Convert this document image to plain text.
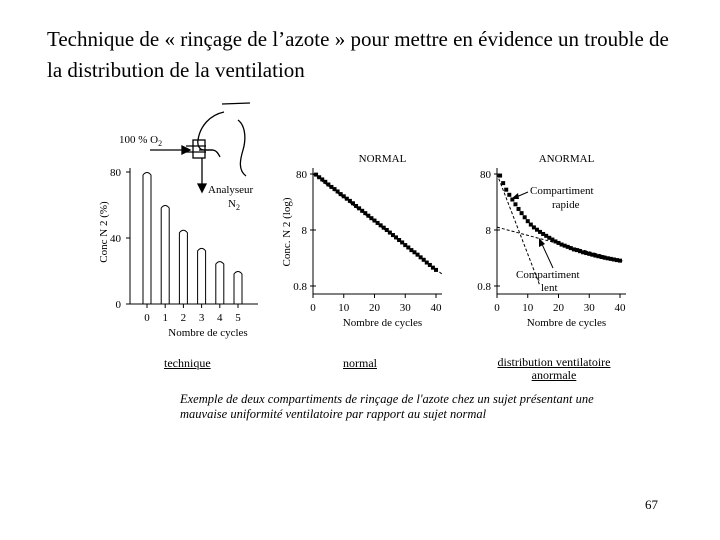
Technique de « rinçage de l’azote » pour mettre en évidence un trouble de la distribution de la ventilation
100 % $O_2$
Analyseur
$N_2$
0
40
80
0 1 2 3 4 5
Nombre de cycles
Conc N 2 (%)
NORMAL
80
8
0.8
0 10 20 30 40
Nombre de cycles
Conc. N 2 (log)
ANORMAL
80
8
0.8
0 10 20 30 40
Nombre de cycles
Compartiment rapide
Compartiment lent
technique	normal	distribution ventilatoire anormale
Exemple de deux compartiments de rinçage de l'azote chez un sujet présentant une mauvaise uniformité ventilatoire par rapport au sujet normal
67
